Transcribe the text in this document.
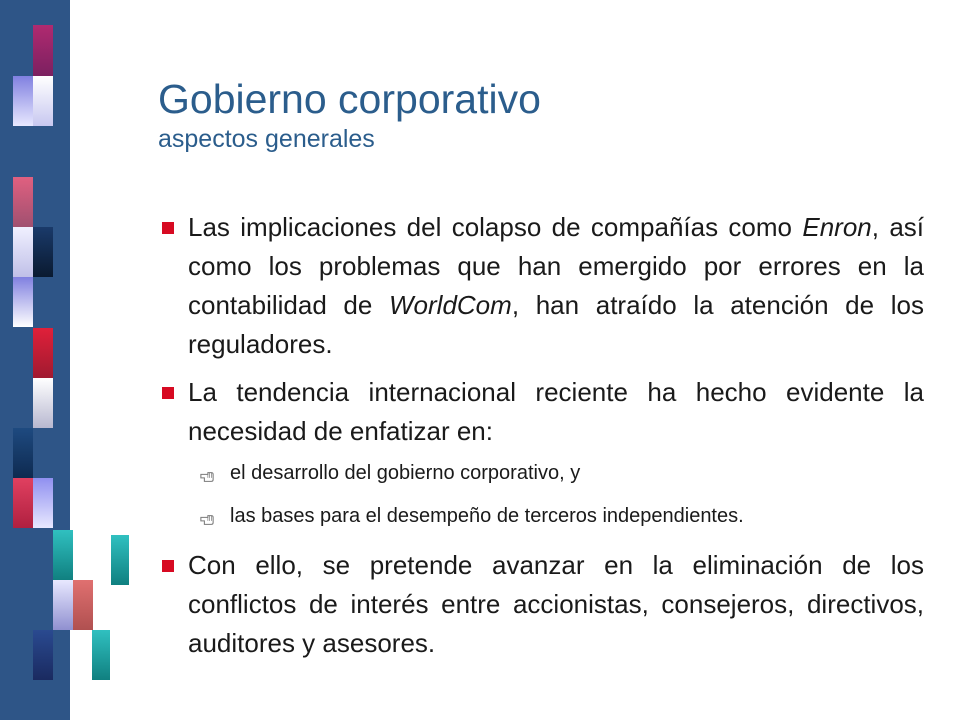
Gobierno corporativo
aspectos generales
Las implicaciones del colapso de compañías como Enron, así como los problemas que han emergido por errores en la contabilidad de WorldCom, han atraído la atención de los reguladores.
La tendencia internacional reciente ha hecho evidente la necesidad de enfatizar en:
el desarrollo del gobierno corporativo, y
las bases para el desempeño de terceros independientes.
Con ello, se pretende avanzar en la eliminación de los conflictos de interés entre accionistas, consejeros, directivos, auditores y asesores.
